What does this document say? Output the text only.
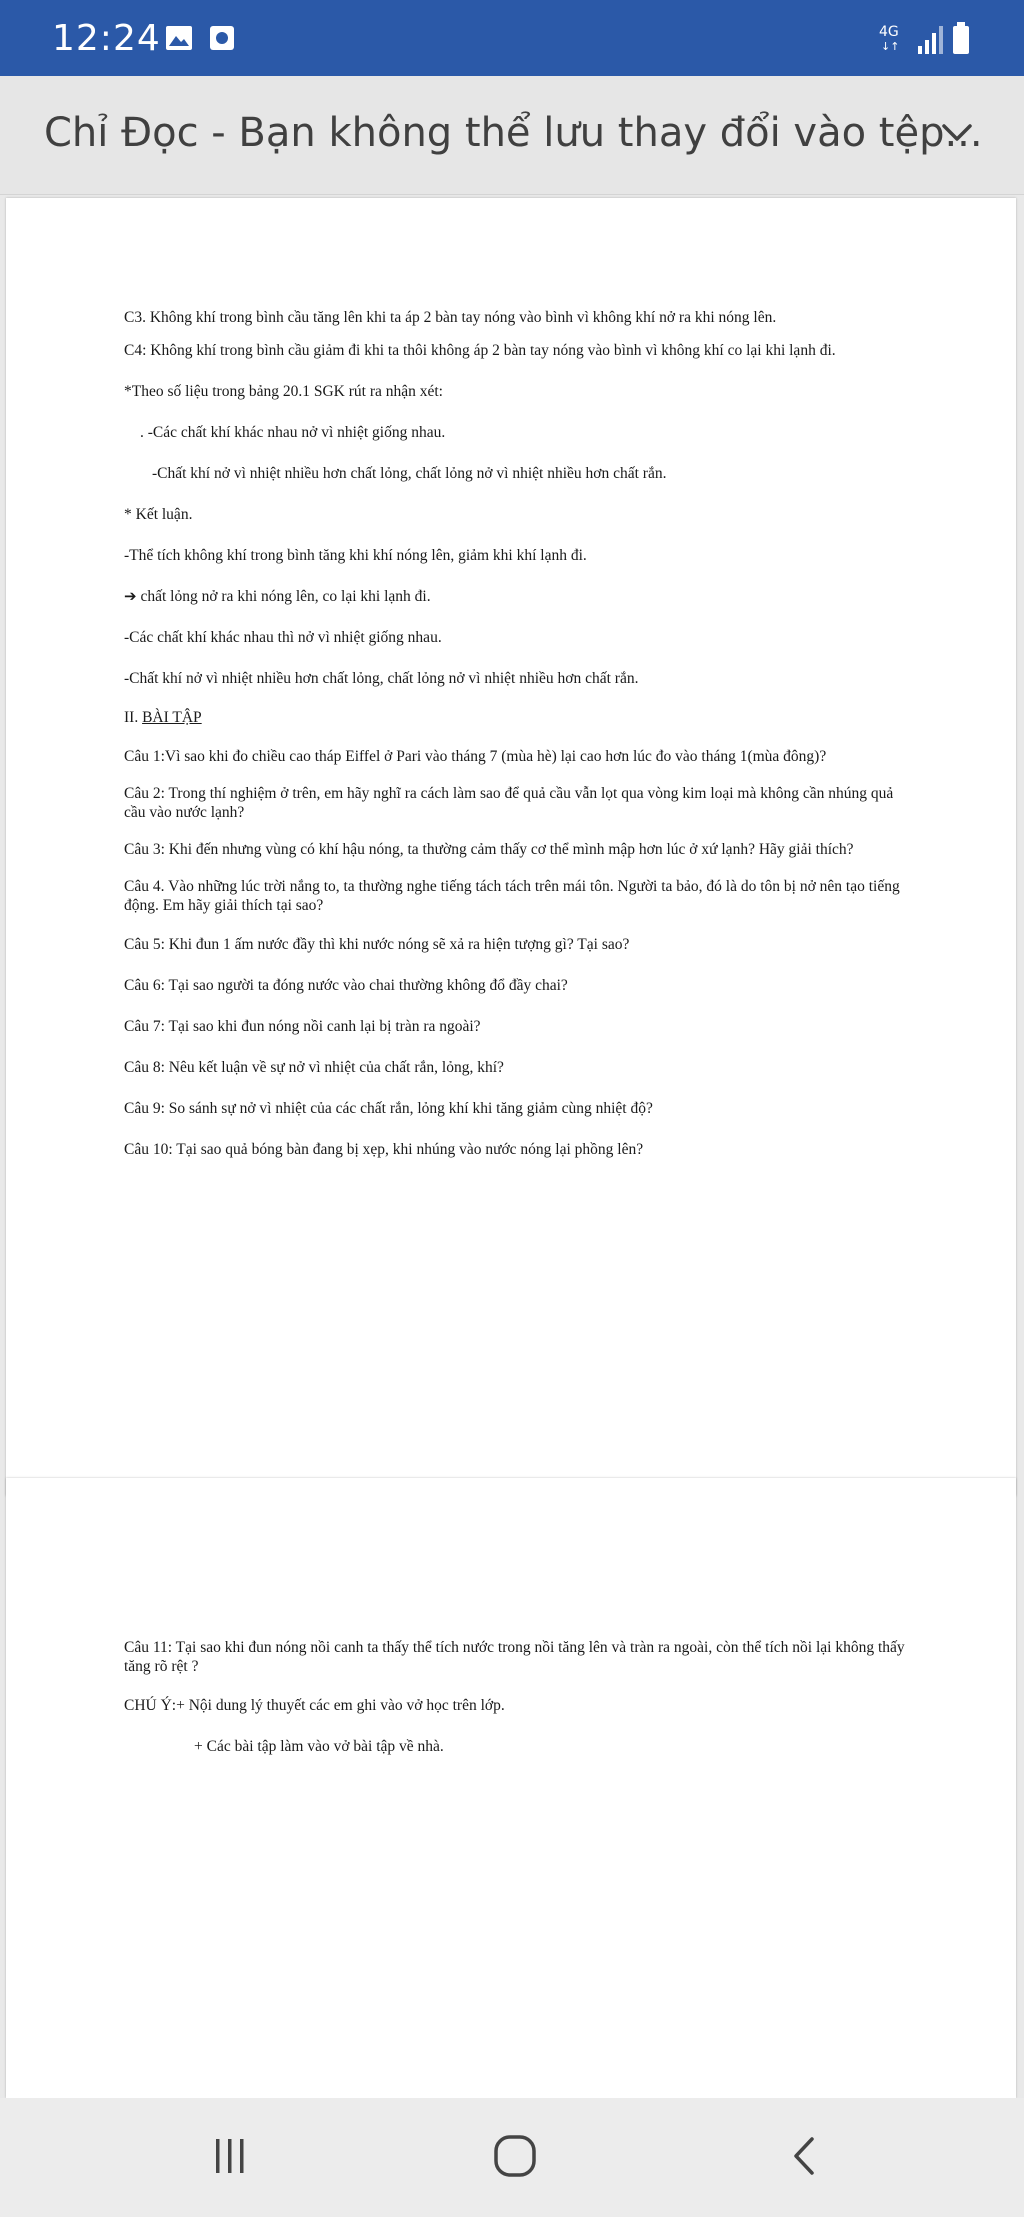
12:24	4G
↓↑

Chỉ Đọc - Bạn không thể lưu thay đổi vào tệp...

C3. Không khí trong bình cầu tăng lên khi ta áp 2 bàn tay nóng vào bình vì không khí nở ra khi nóng lên.

C4: Không khí trong bình cầu giảm đi khi ta thôi không áp 2 bàn tay nóng vào bình vì không khí co lại khi lạnh đi.

*Theo số liệu trong bảng 20.1 SGK rút ra nhận xét:

. -Các chất khí khác nhau nở vì nhiệt giống nhau.

-Chất khí nở vì nhiệt nhiều hơn chất lỏng, chất lỏng nở vì nhiệt nhiều hơn chất rắn.

* Kết luận.

-Thể tích không khí trong bình tăng khi khí nóng lên, giảm khi khí lạnh đi.

➔ chất lỏng nở ra khi nóng lên, co lại khi lạnh đi.

-Các chất khí khác nhau thì nở vì nhiệt giống nhau.

-Chất khí nở vì nhiệt nhiều hơn chất lỏng, chất lỏng nở vì nhiệt nhiều hơn chất rắn.

II. BÀI TẬP

Câu 1:Vì sao khi đo chiều cao tháp Eiffel ở Pari vào tháng 7 (mùa hè) lại cao hơn lúc đo vào tháng 1(mùa đông)?

Câu 2: Trong thí nghiệm ở trên, em hãy nghĩ ra cách làm sao để quả cầu vẫn lọt qua vòng kim loại mà không cần nhúng quả cầu vào nước lạnh?

Câu 3: Khi đến nhưng vùng có khí hậu nóng, ta thường cảm thấy cơ thể mình mập hơn lúc ở xứ lạnh? Hãy giải thích?

Câu 4. Vào những lúc trời nắng to, ta thường nghe tiếng tách tách trên mái tôn. Người ta bảo, đó là do tôn bị nở nên tạo tiếng động. Em hãy giải thích tại sao?

Câu 5: Khi đun 1 ấm nước đầy thì khi nước nóng sẽ xả ra hiện tượng gì? Tại sao?

Câu 6: Tại sao người ta đóng nước vào chai thường không đổ đầy chai?

Câu 7: Tại sao khi đun nóng nồi canh lại bị tràn ra ngoài?

Câu 8: Nêu kết luận về sự nở vì nhiệt của chất rắn, lỏng, khí?

Câu 9: So sánh sự nở vì nhiệt của các chất rắn, lỏng khí khi tăng giảm cùng nhiệt độ?

Câu 10: Tại sao quả bóng bàn đang bị xẹp, khi nhúng vào nước nóng lại phồng lên?

Câu 11: Tại sao khi đun nóng nồi canh ta thấy thể tích nước trong nồi tăng lên và tràn ra ngoài, còn thể tích nồi lại không thấy tăng rõ rệt ?

CHÚ Ý:+ Nội dung lý thuyết các em ghi vào vở học trên lớp.

+ Các bài tập làm vào vở bài tập về nhà.
